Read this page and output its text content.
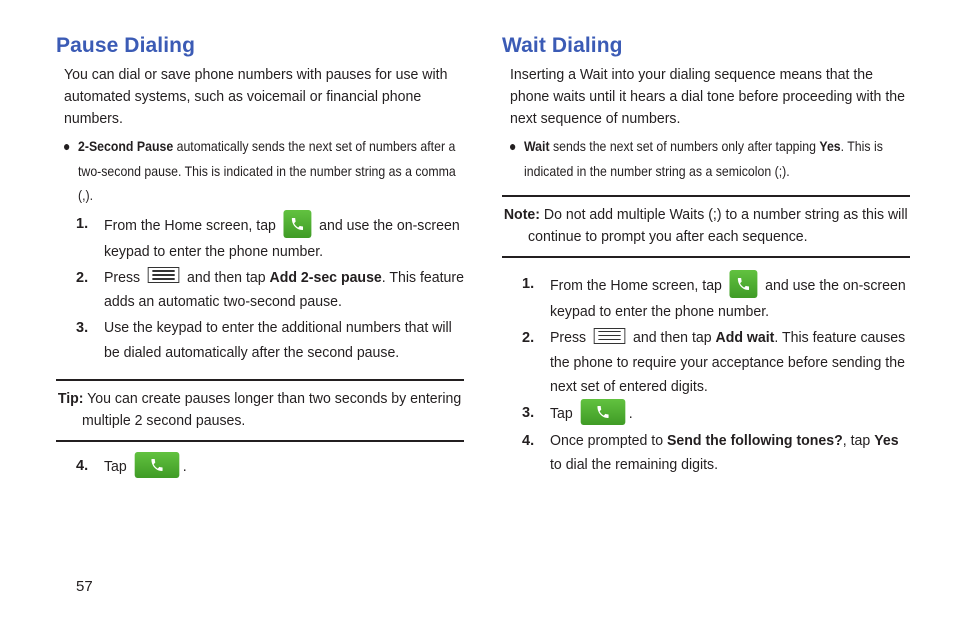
Pause Dialing

You can dial or save phone numbers with pauses for use with automated systems, such as voicemail or financial phone numbers.

● 2-Second Pause automatically sends the next set of numbers after a two-second pause. This is indicated in the number string as a comma (,).
1. From the Home screen, tap	and use the on-screen keypad to enter the phone number.
2. Press	and then tap Add 2-sec pause. This feature adds an automatic two-second pause.
3. Use the keypad to enter the additional numbers that will be dialed automatically after the second pause.
Tip: You can create pauses longer than two seconds by entering multiple 2 second pauses.
4. Tap	.
Wait Dialing

Inserting a Wait into your dialing sequence means that the phone waits until it hears a dial tone before proceeding with the next sequence of numbers.

● Wait sends the next set of numbers only after tapping Yes. This is indicated in the number string as a semicolon (;).
Note: Do not add multiple Waits (;) to a number string as this will continue to prompt you after each sequence.
1. From the Home screen, tap	and use the on-screen keypad to enter the phone number.
2. Press	and then tap Add wait. This feature causes the phone to require your acceptance before sending the next set of entered digits.
3. Tap	.
4. Once prompted to Send the following tones?, tap Yes to dial the remaining digits.
57
